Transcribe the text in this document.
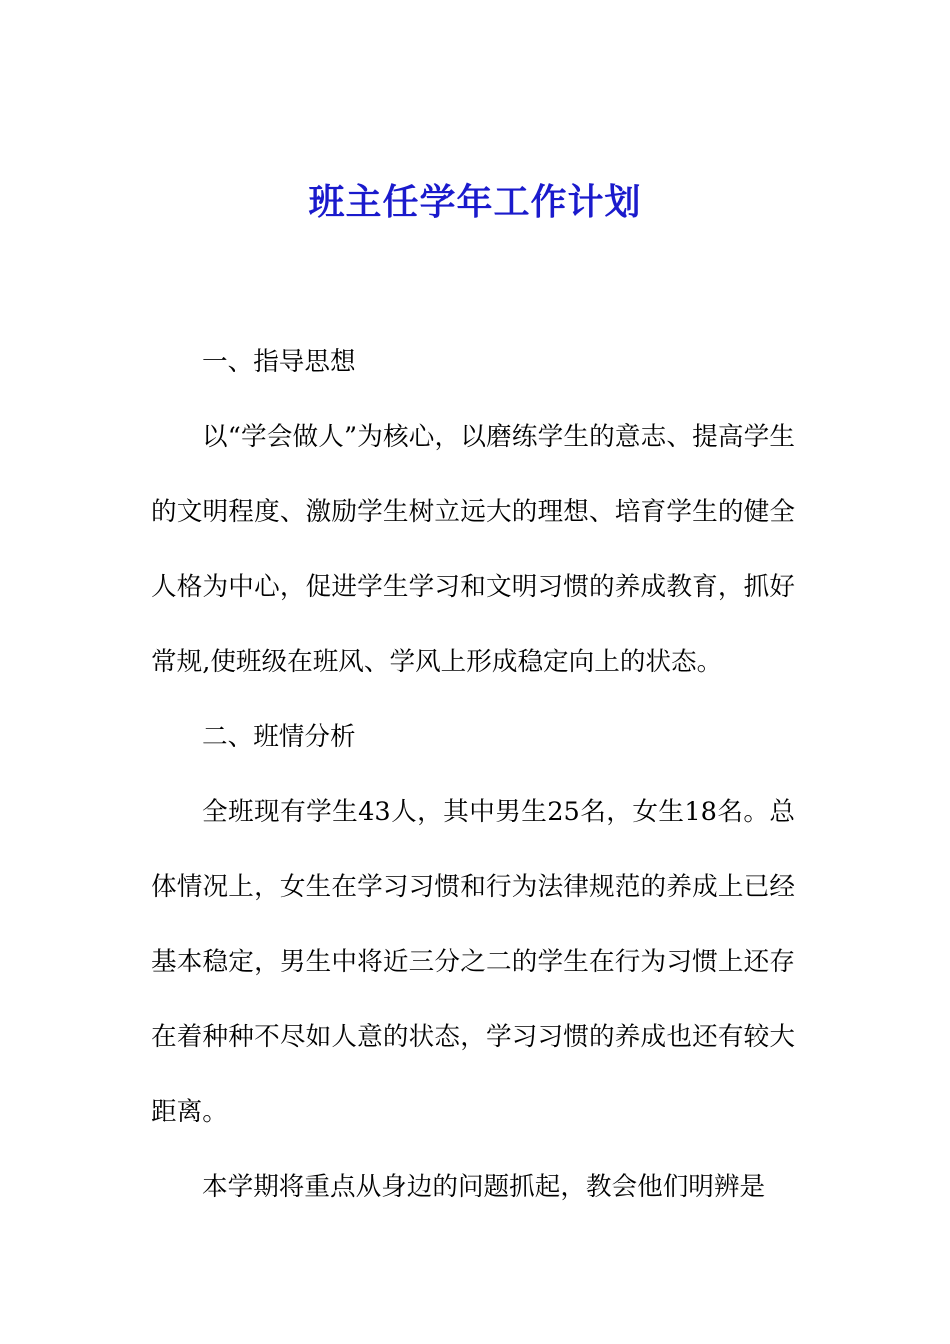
班主任学年工作计划

一、指导思想

以“学会做人”为核心，以磨练学生的意志、提高学生的文明程度、激励学生树立远大的理想、培育学生的健全人格为中心，促进学生学习和文明习惯的养成教育，抓好常规,使班级在班风、学风上形成稳定向上的状态。

二、班情分析

全班现有学生43人，其中男生25名，女生18名。总体情况上，女生在学习习惯和行为法律规范的养成上已经基本稳定，男生中将近三分之二的学生在行为习惯上还存在着种种不尽如人意的状态，学习习惯的养成也还有较大距离。

本学期将重点从身边的问题抓起，教会他们明辨是
